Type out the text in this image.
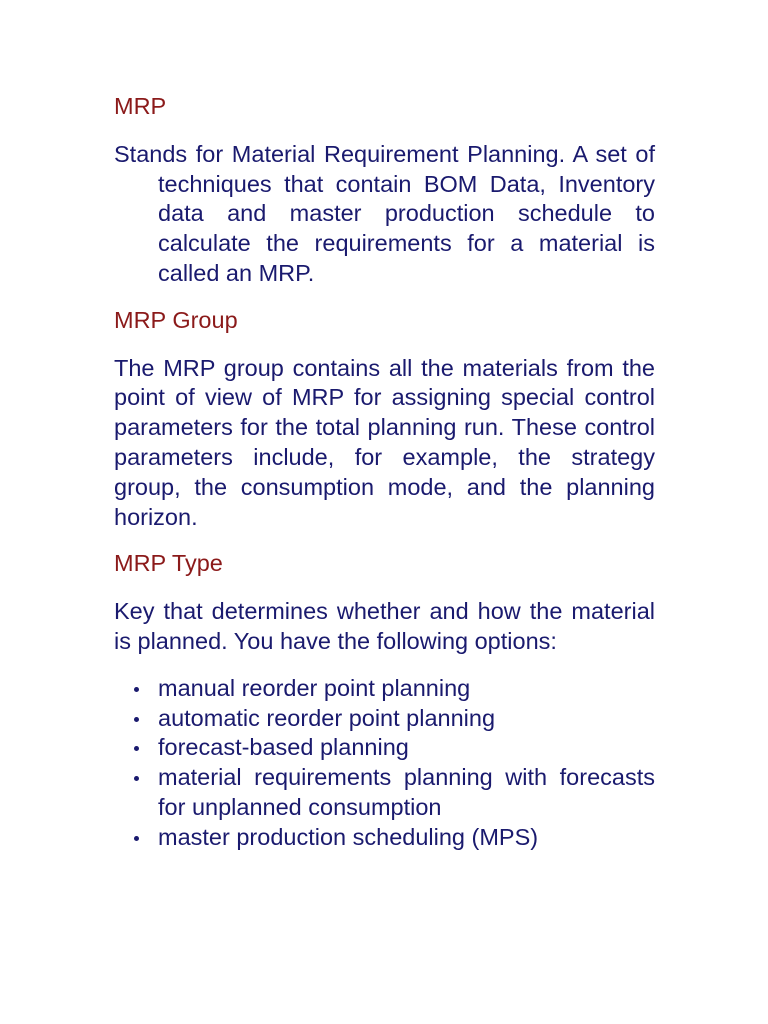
MRP
Stands for Material Requirement Planning. A set of techniques that contain BOM Data, Inventory data and master production schedule to calculate the requirements for a material is called an MRP.
MRP Group
The MRP group contains all the materials from the point of view of MRP for assigning special control parameters for the total planning run. These control parameters include, for example, the strategy group, the consumption mode, and the planning horizon.
MRP Type
Key that determines whether and how the material is planned. You have the following options:
manual reorder point planning
automatic reorder point planning
forecast-based planning
material requirements planning with forecasts for unplanned consumption
master production scheduling (MPS)
